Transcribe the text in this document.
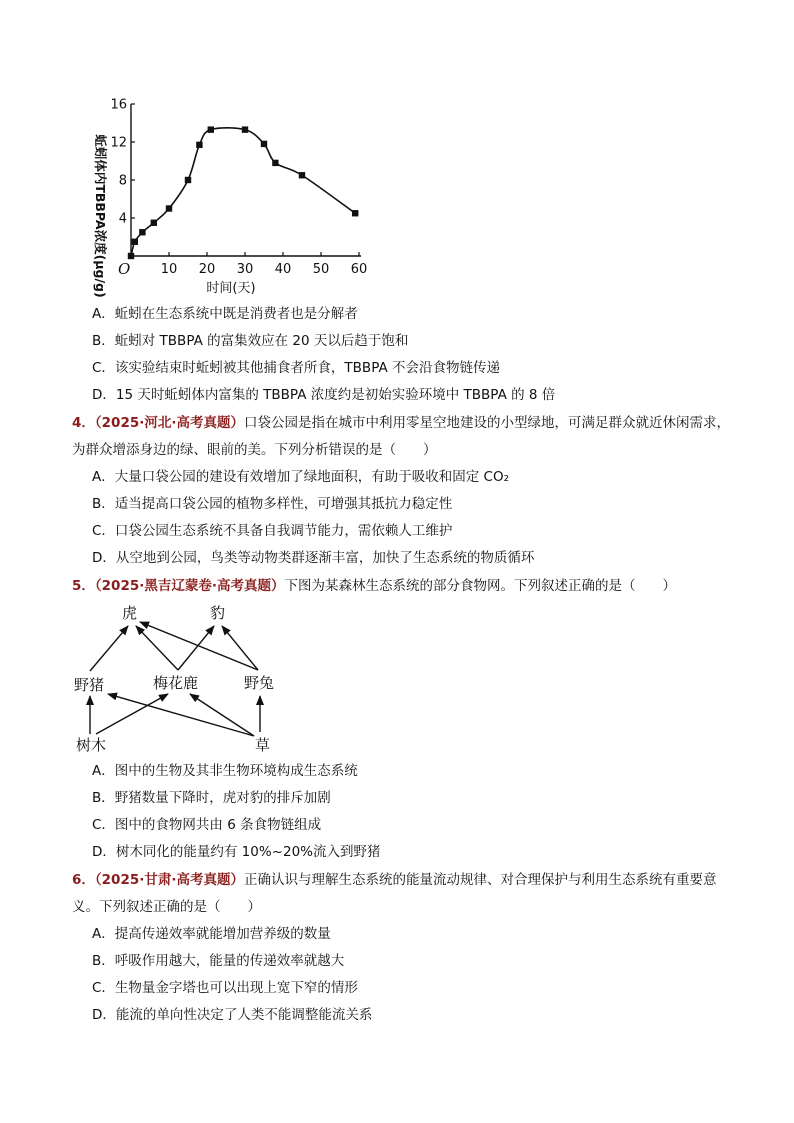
10 20 30 40 50 60
4
8
12
16
O
时间(天)
蚯蚓体内TBBPA浓度(μg/g)
A．蚯蚓在生态系统中既是消费者也是分解者
B．蚯蚓对 TBBPA 的富集效应在 20 天以后趋于饱和
C．该实验结束时蚯蚓被其他捕食者所食，TBBPA 不会沿食物链传递
D．15 天时蚯蚓体内富集的 TBBPA 浓度约是初始实验环境中 TBBPA 的 8 倍
4．（2025·河北·高考真题）口袋公园是指在城市中利用零星空地建设的小型绿地，可满足群众就近休闲需求，
为群众增添身边的绿、眼前的美。下列分析错误的是（　　）
A．大量口袋公园的建设有效增加了绿地面积，有助于吸收和固定 CO₂
B．适当提高口袋公园的植物多样性，可增强其抵抗力稳定性
C．口袋公园生态系统不具备自我调节能力，需依赖人工维护
D．从空地到公园，鸟类等动物类群逐渐丰富，加快了生态系统的物质循环
5．（2025·黑吉辽蒙卷·高考真题）下图为某森林生态系统的部分食物网。下列叙述正确的是（　　）
虎	豹
野猪	梅花鹿	野兔
树木	草
A．图中的生物及其非生物环境构成生态系统
B．野猪数量下降时，虎对豹的排斥加剧
C．图中的食物网共由 6 条食物链组成
D．树木同化的能量约有 10%~20%流入到野猪
6．（2025·甘肃·高考真题）正确认识与理解生态系统的能量流动规律、对合理保护与利用生态系统有重要意
义。下列叙述正确的是（　　）
A．提高传递效率就能增加营养级的数量
B．呼吸作用越大，能量的传递效率就越大
C．生物量金字塔也可以出现上宽下窄的情形
D．能流的单向性决定了人类不能调整能流关系
